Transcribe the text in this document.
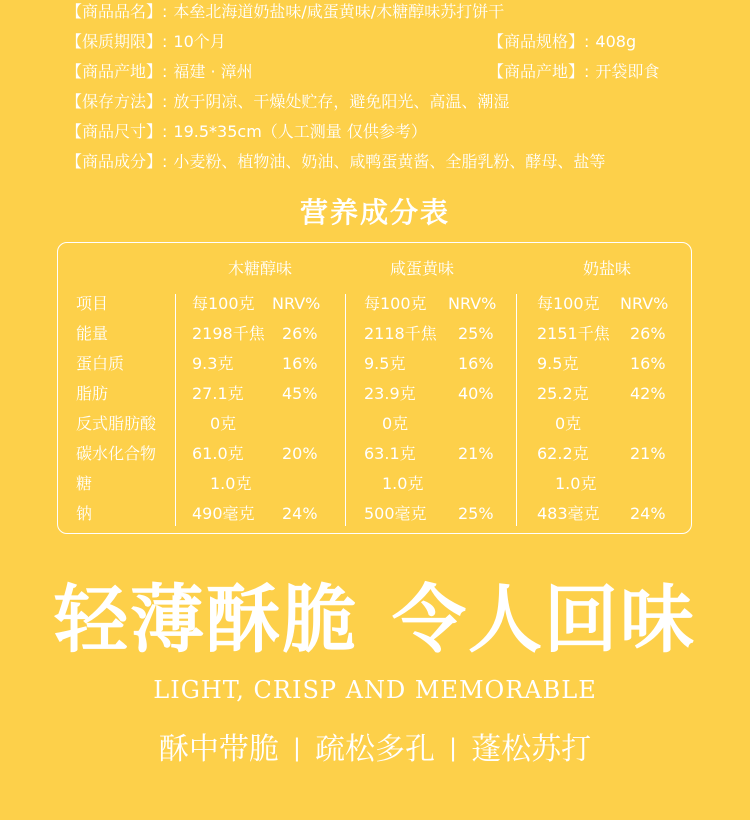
【商品品名】: 本垒北海道奶盐味/咸蛋黄味/木糖醇味苏打饼干
【保质期限】: 10个月	【商品规格】: 408g
【商品产地】: 福建 · 漳州	【商品产地】: 开袋即食
【保存方法】: 放于阴凉、干燥处贮存，避免阳光、高温、潮湿
【商品尺寸】: 19.5*35cm（人工测量 仅供参考）
【商品成分】: 小麦粉、植物油、奶油、咸鸭蛋黄酱、全脂乳粉、酵母、盐等
营养成分表
木糖醇味	咸蛋黄味	奶盐味
项目	每100克 NRV%	每100克 NRV%	每100克 NRV%
能量	2198千焦 26%	2118千焦 25%	2151千焦 26%
蛋白质	9.3克	16%	9.5克	16%	9.5克	16%
脂肪	27.1克 45%	23.9克	40%	25.2克	42%
反式脂肪酸	0克	0克	0克
碳水化合物 61.0克 20%	63.1克	21%	62.2克	21%
糖	1.0克	1.0克	1.0克
钠	490毫克 24%	500毫克 25%	483毫克 24%
轻薄酥脆 令人回味
LIGHT, CRISP AND MEMORABLE
酥中带脆 | 疏松多孔 | 蓬松苏打
